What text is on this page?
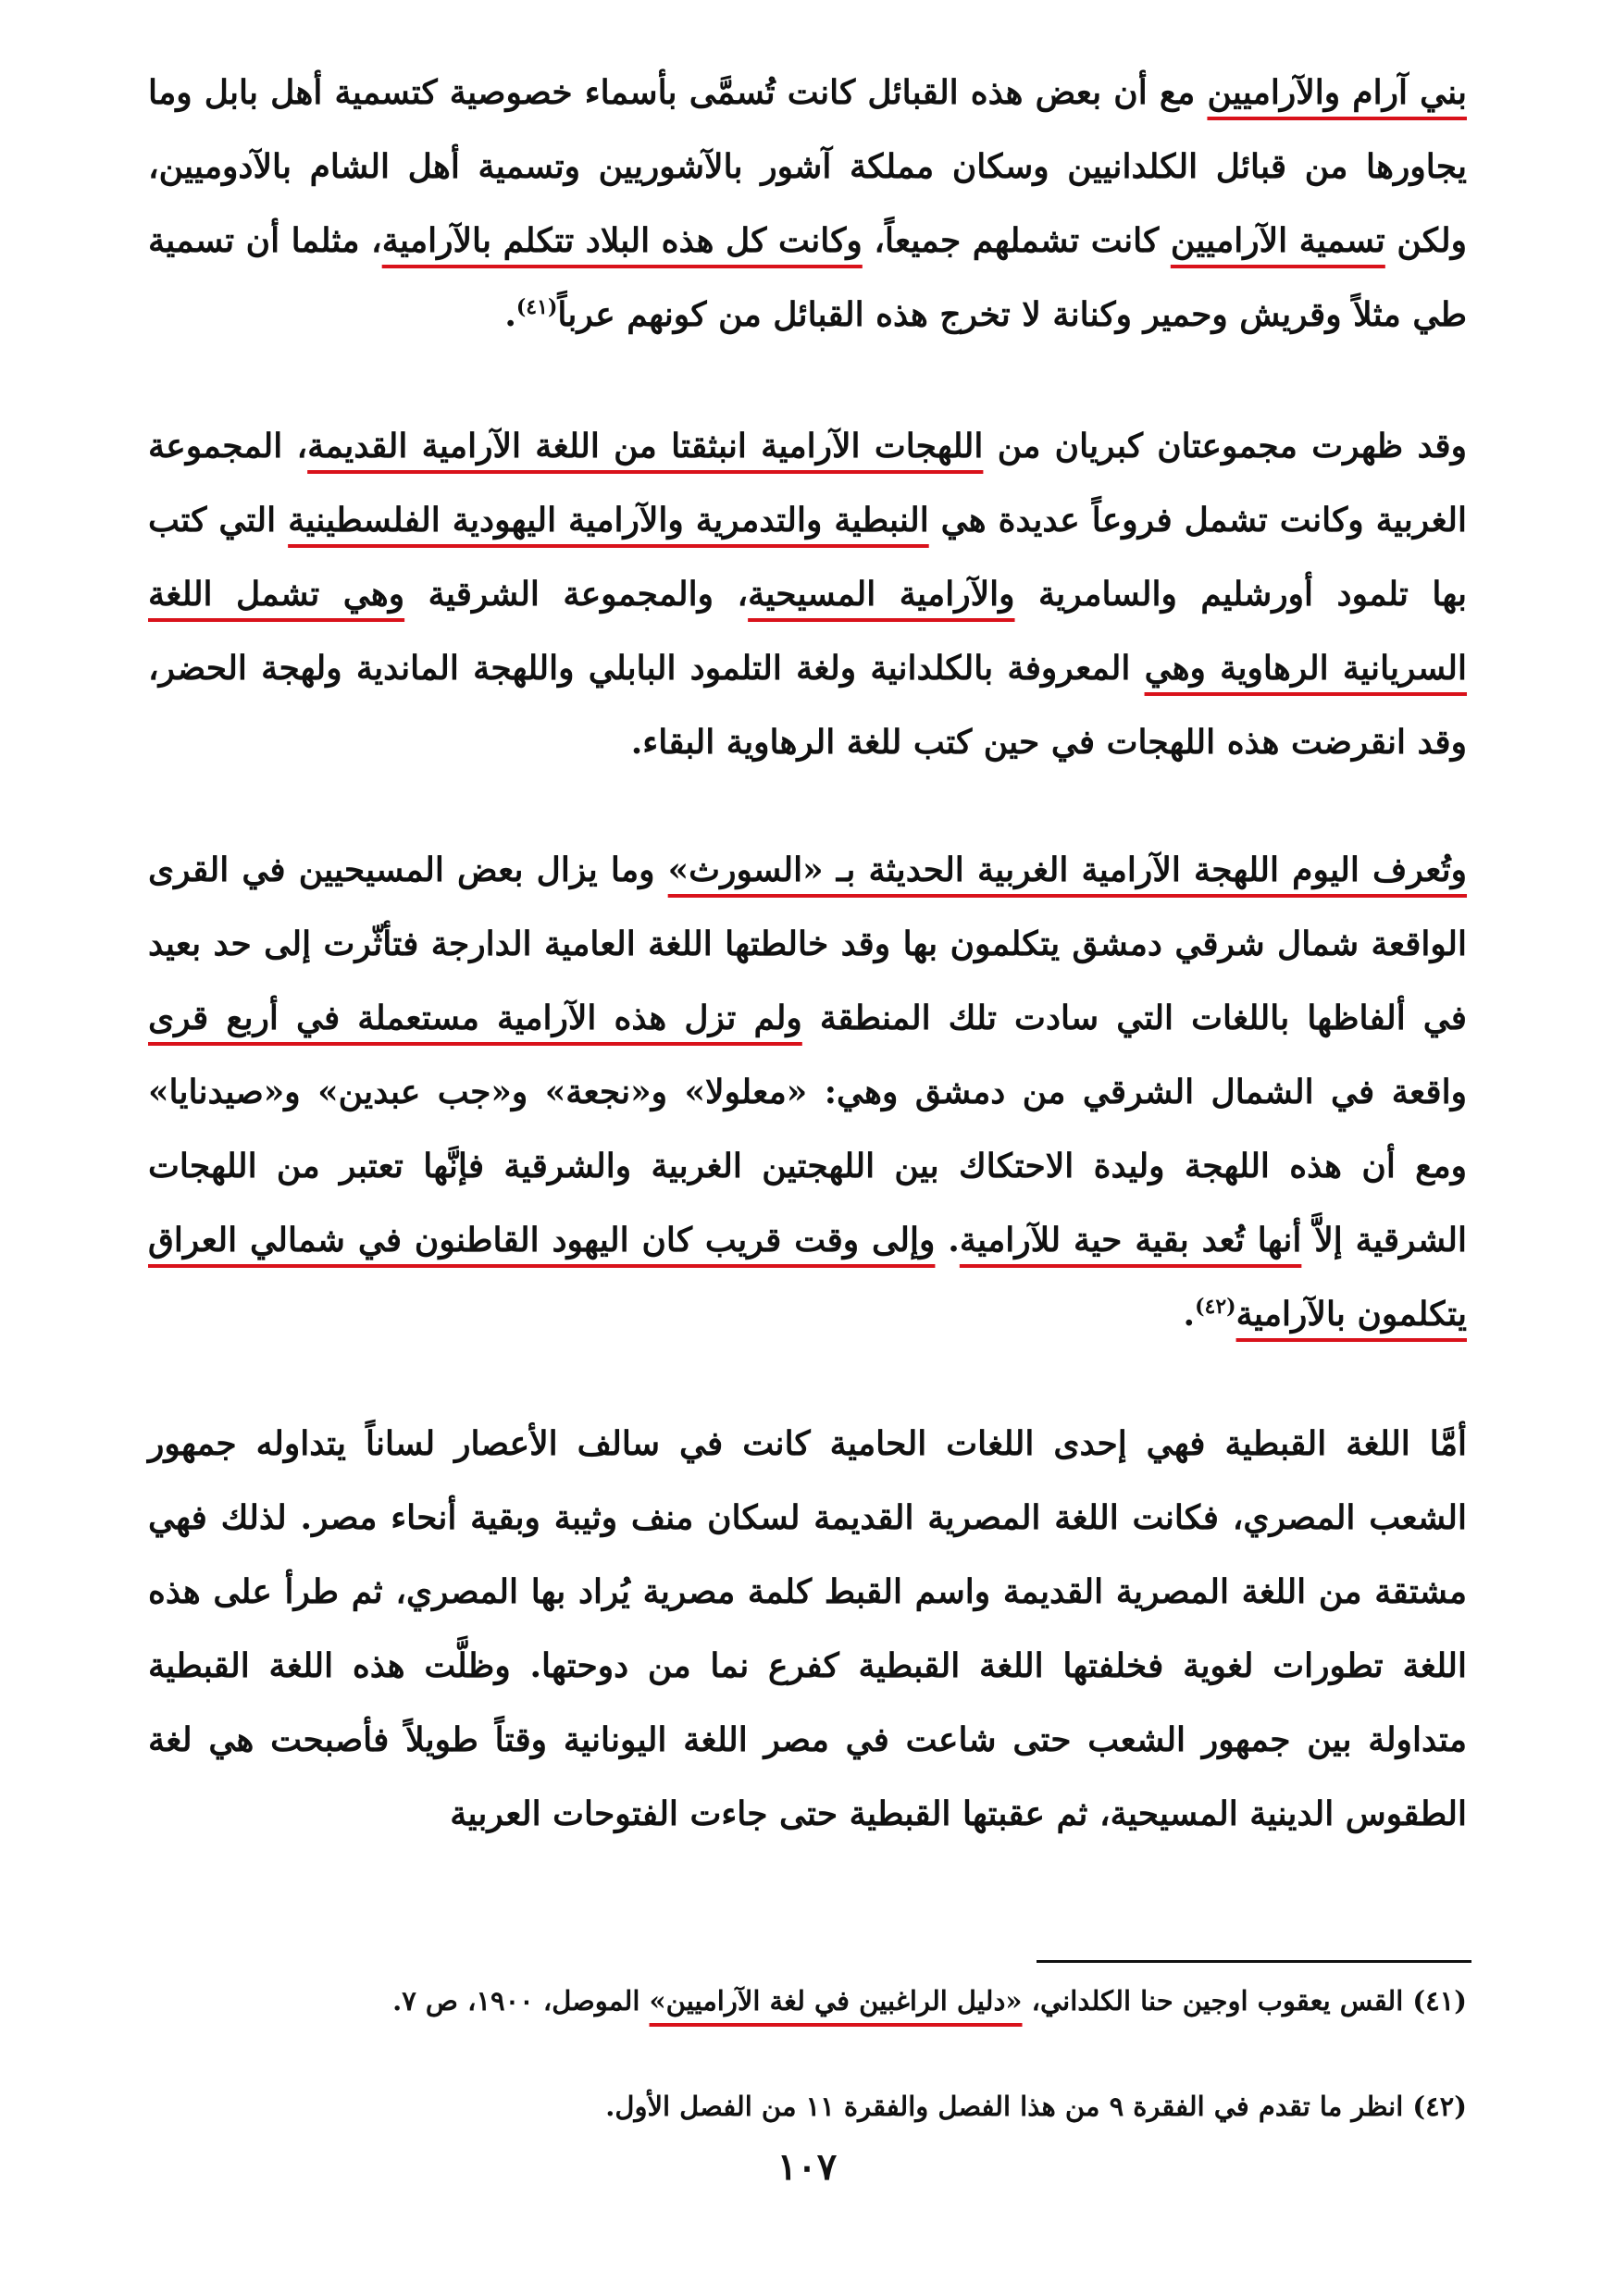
بني آرام والآراميين مع أن بعض هذه القبائل كانت تُسمَّى بأسماء خصوصية كتسمية أهل بابل وما يجاورها من قبائل الكلدانيين وسكان مملكة آشور بالآشوريين وتسمية أهل الشام بالآدوميين، ولكن تسمية الآراميين كانت تشملهم جميعاً، وكانت كل هذه البلاد تتكلم بالآرامية، مثلما أن تسمية طي مثلاً وقريش وحمير وكنانة لا تخرج هذه القبائل من كونهم عرباً$^{(٤١)}$.

وقد ظهرت مجموعتان كبريان من اللهجات الآرامية انبثقتا من اللغة الآرامية القديمة، المجموعة الغربية وكانت تشمل فروعاً عديدة هي النبطية والتدمرية والآرامية اليهودية الفلسطينية التي كتب بها تلمود أورشليم والسامرية والآرامية المسيحية، والمجموعة الشرقية وهي تشمل اللغة السريانية الرهاوية وهي المعروفة بالكلدانية ولغة التلمود البابلي واللهجة الماندية ولهجة الحضر، وقد انقرضت هذه اللهجات في حين كتب للغة الرهاوية البقاء.

وتُعرف اليوم اللهجة الآرامية الغربية الحديثة بـ «السورث» وما يزال بعض المسيحيين في القرى الواقعة شمال شرقي دمشق يتكلمون بها وقد خالطتها اللغة العامية الدارجة فتأثّرت إلى حد بعيد في ألفاظها باللغات التي سادت تلك المنطقة ولم تزل هذه الآرامية مستعملة في أربع قرى واقعة في الشمال الشرقي من دمشق وهي: «معلولا» و«نجعة» و«جب عبدين» و«صيدنايا» ومع أن هذه اللهجة وليدة الاحتكاك بين اللهجتين الغربية والشرقية فإنَّها تعتبر من اللهجات الشرقية إلاَّ أنها تُعد بقية حية للآرامية. وإلى وقت قريب كان اليهود القاطنون في شمالي العراق يتكلمون بالآرامية$^{(٤٢)}$.

أمَّا اللغة القبطية فهي إحدى اللغات الحامية كانت في سالف الأعصار لساناً يتداوله جمهور الشعب المصري، فكانت اللغة المصرية القديمة لسكان منف وثيبة وبقية أنحاء مصر. لذلك فهي مشتقة من اللغة المصرية القديمة واسم القبط كلمة مصرية يُراد بها المصري، ثم طرأ على هذه اللغة تطورات لغوية فخلفتها اللغة القبطية كفرع نما من دوحتها. وظلَّت هذه اللغة القبطية متداولة بين جمهور الشعب حتى شاعت في مصر اللغة اليونانية وقتاً طويلاً فأصبحت هي لغة الطقوس الدينية المسيحية، ثم عقبتها القبطية حتى جاءت الفتوحات العربية

(٤١) القس يعقوب اوجين حنا الكلداني، «دليل الراغبين في لغة الآراميين» الموصل، ١٩٠٠، ص ٧.

(٤٢) انظر ما تقدم في الفقرة ٩ من هذا الفصل والفقرة ١١ من الفصل الأول.

١٠٧
